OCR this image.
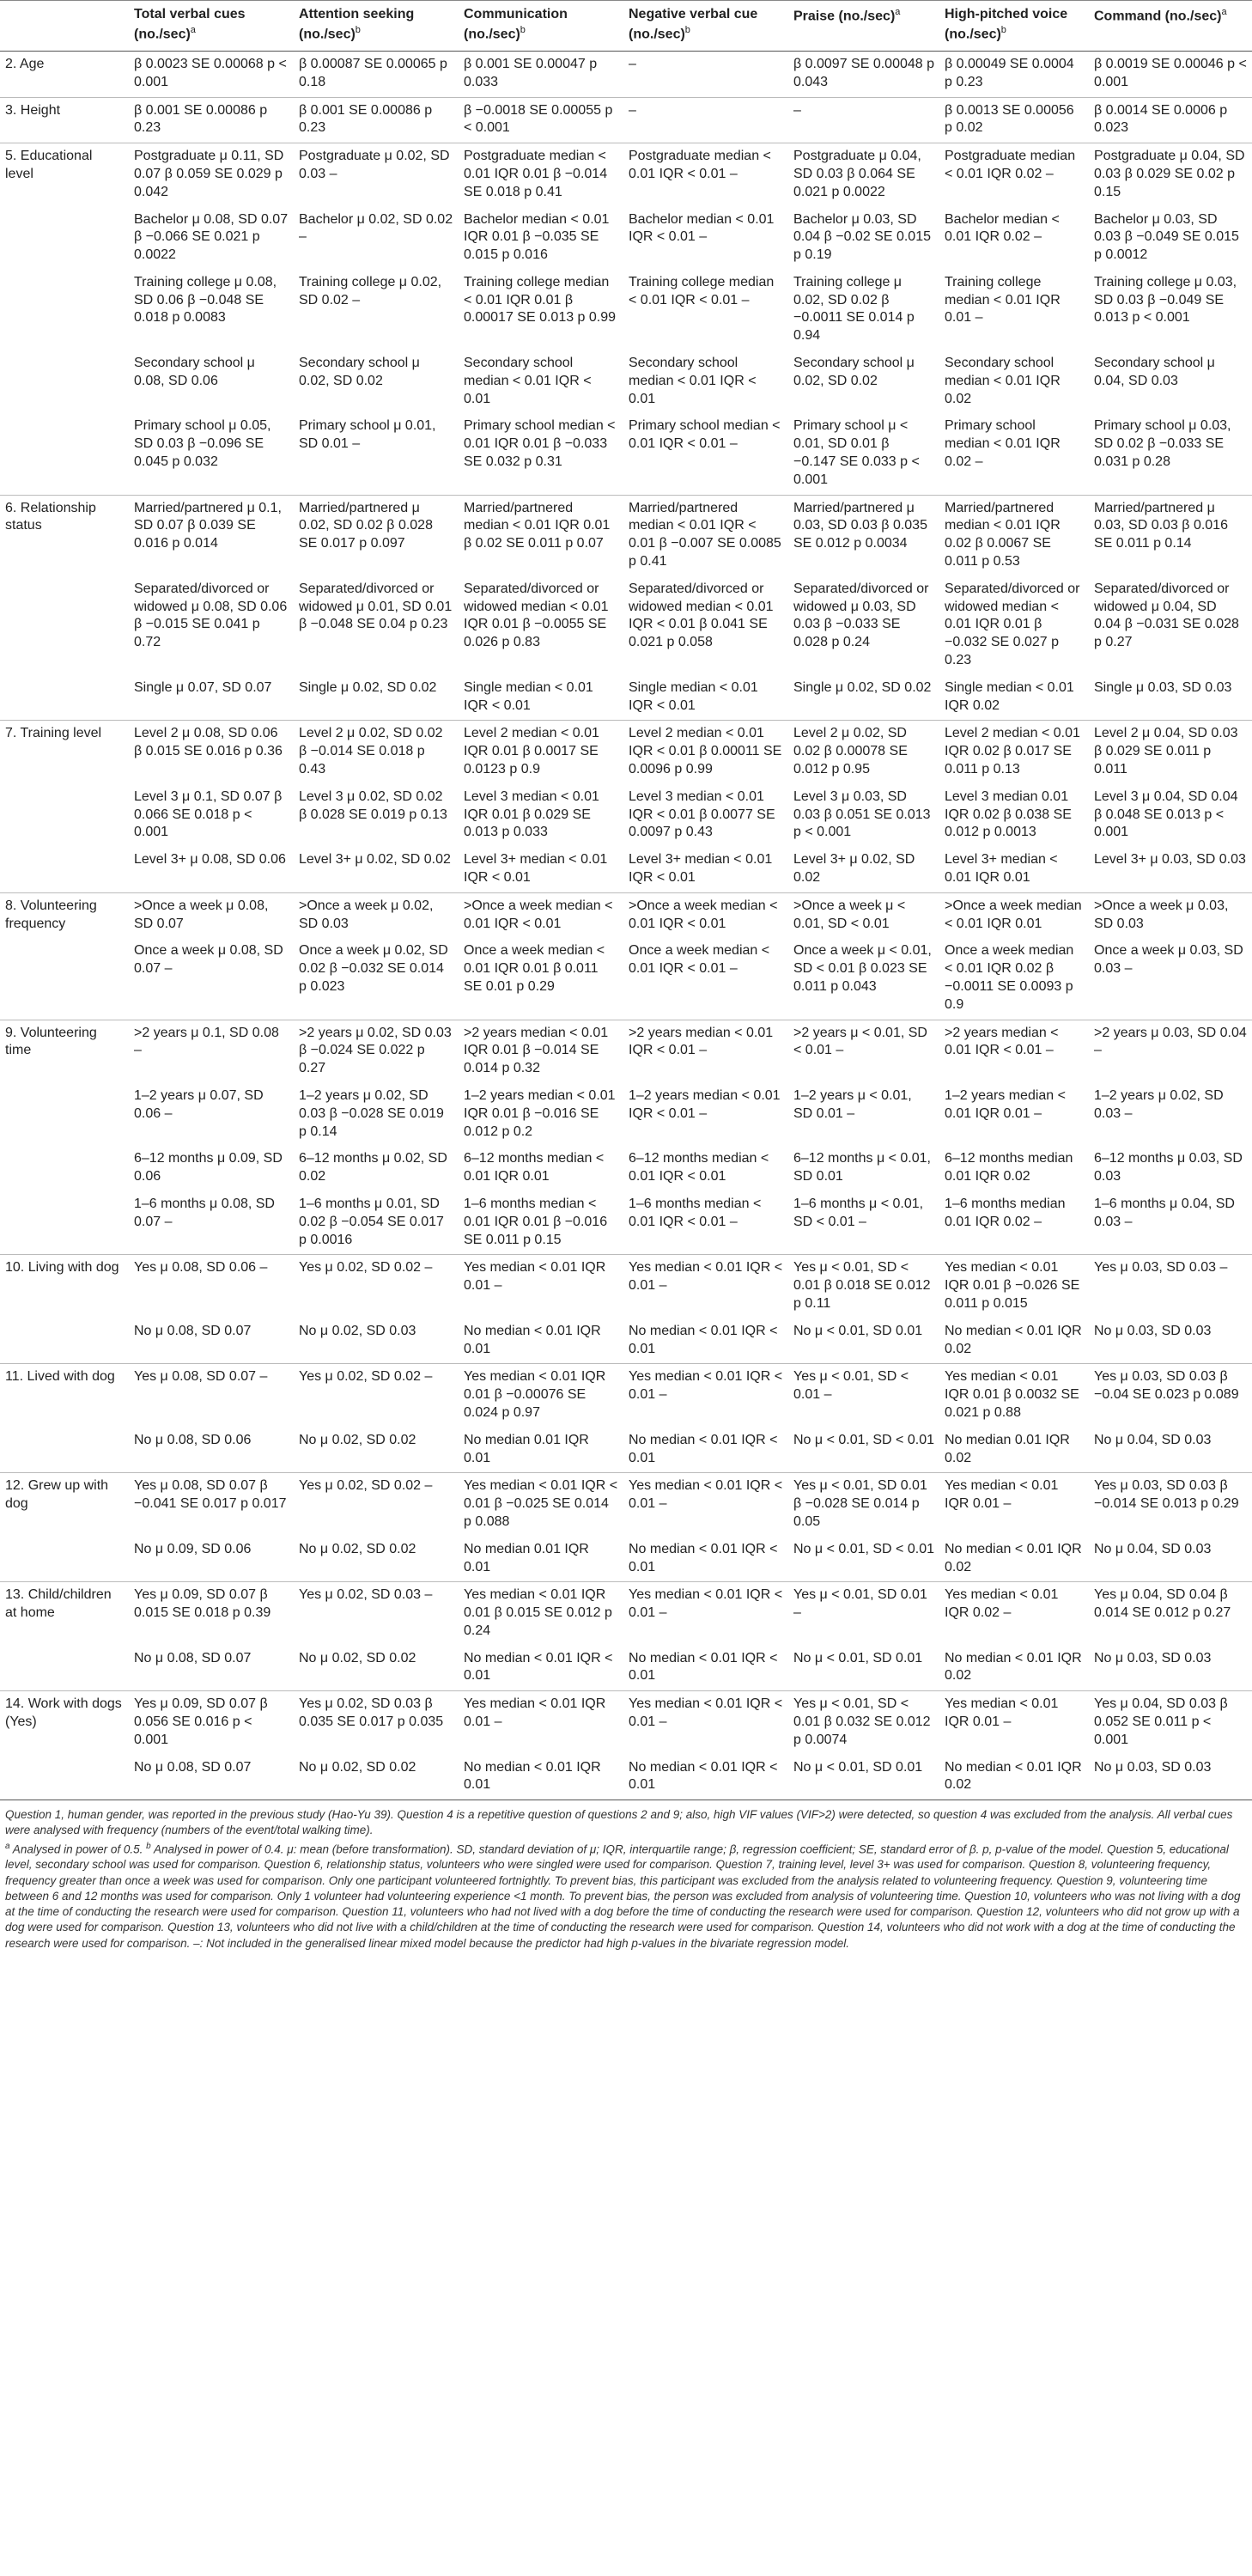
	Total verbal cues $(no./\sec)^a$	Attention seeking $(no./\sec)^b$	Communication $(no./\sec)^b$	Negative verbal cue $(no./\sec)^b$	Praise $(no./\sec)^a$	High-pitched voice $(no./\sec)^b$	Command $(no./\sec)^a$
2. Age	β 0.0023 SE 0.00068 p < 0.001	β 0.00087 SE 0.00065 p 0.18	β 0.001 SE 0.00047 p 0.033	–	β 0.0097 SE 0.00048 p 0.043	β 0.00049 SE 0.0004 p 0.23	β 0.0019 SE 0.00046 p < 0.001
3. Height	β 0.001 SE 0.00086 p 0.23	β 0.001 SE 0.00086 p 0.23	β −0.0018 SE 0.00055 p < 0.001	–	–	β 0.0013 SE 0.00056 p 0.02	β 0.0014 SE 0.0006 p 0.023
5. Educational level	Postgraduate μ 0.11, SD 0.07 β 0.059 SE 0.029 p 0.042	Postgraduate μ 0.02, SD 0.03 –	Postgraduate median < 0.01 IQR 0.01 β −0.014 SE 0.018 p 0.41	Postgraduate median < 0.01 IQR < 0.01 –	Postgraduate μ 0.04, SD 0.03 β 0.064 SE 0.021 p 0.0022	Postgraduate median < 0.01 IQR 0.02 –	Postgraduate μ 0.04, SD 0.03 β 0.029 SE 0.02 p 0.15
	Bachelor μ 0.08, SD 0.07 β −0.066 SE 0.021 p 0.0022	Bachelor μ 0.02, SD 0.02 –	Bachelor median < 0.01 IQR 0.01 β −0.035 SE 0.015 p 0.016	Bachelor median < 0.01 IQR < 0.01 –	Bachelor μ 0.03, SD 0.04 β −0.02 SE 0.015 p 0.19	Bachelor median < 0.01 IQR 0.02 –	Bachelor μ 0.03, SD 0.03 β −0.049 SE 0.015 p 0.0012
	Training college μ 0.08, SD 0.06 β −0.048 SE 0.018 p 0.0083	Training college μ 0.02, SD 0.02 –	Training college median < 0.01 IQR 0.01 β 0.00017 SE 0.013 p 0.99	Training college median < 0.01 IQR < 0.01 –	Training college μ 0.02, SD 0.02 β −0.0011 SE 0.014 p 0.94	Training college median < 0.01 IQR 0.01 –	Training college μ 0.03, SD 0.03 β −0.049 SE 0.013 p < 0.001
	Secondary school μ 0.08, SD 0.06	Secondary school μ 0.02, SD 0.02	Secondary school median < 0.01 IQR < 0.01	Secondary school median < 0.01 IQR < 0.01	Secondary school μ 0.02, SD 0.02	Secondary school median < 0.01 IQR 0.02	Secondary school μ 0.04, SD 0.03
	Primary school μ 0.05, SD 0.03 β −0.096 SE 0.045 p 0.032	Primary school μ 0.01, SD 0.01 –	Primary school median < 0.01 IQR 0.01 β −0.033 SE 0.032 p 0.31	Primary school median < 0.01 IQR < 0.01 –	Primary school μ < 0.01, SD 0.01 β −0.147 SE 0.033 p < 0.001	Primary school median < 0.01 IQR 0.02 –	Primary school μ 0.03, SD 0.02 β −0.033 SE 0.031 p 0.28
6. Relationship status	Married/partnered μ 0.1, SD 0.07 β 0.039 SE 0.016 p 0.014	Married/partnered μ 0.02, SD 0.02 β 0.028 SE 0.017 p 0.097	Married/partnered median < 0.01 IQR 0.01 β 0.02 SE 0.011 p 0.07	Married/partnered median < 0.01 IQR < 0.01 β −0.007 SE 0.0085 p 0.41	Married/partnered μ 0.03, SD 0.03 β 0.035 SE 0.012 p 0.0034	Married/partnered median < 0.01 IQR 0.02 β 0.0067 SE 0.011 p 0.53	Married/partnered μ 0.03, SD 0.03 β 0.016 SE 0.011 p 0.14
	Separated/divorced or widowed μ 0.08, SD 0.06 β −0.015 SE 0.041 p 0.72	Separated/divorced or widowed μ 0.01, SD 0.01 β −0.048 SE 0.04 p 0.23	Separated/divorced or widowed median < 0.01 IQR 0.01 β −0.0055 SE 0.026 p 0.83	Separated/divorced or widowed median < 0.01 IQR < 0.01 β 0.041 SE 0.021 p 0.058	Separated/divorced or widowed μ 0.03, SD 0.03 β −0.033 SE 0.028 p 0.24	Separated/divorced or widowed median < 0.01 IQR 0.01 β −0.032 SE 0.027 p 0.23	Separated/divorced or widowed μ 0.04, SD 0.04 β −0.031 SE 0.028 p 0.27
	Single μ 0.07, SD 0.07	Single μ 0.02, SD 0.02	Single median < 0.01 IQR < 0.01	Single median < 0.01 IQR < 0.01	Single μ 0.02, SD 0.02	Single median < 0.01 IQR 0.02	Single μ 0.03, SD 0.03
7. Training level	Level 2 μ 0.08, SD 0.06 β 0.015 SE 0.016 p 0.36	Level 2 μ 0.02, SD 0.02 β −0.014 SE 0.018 p 0.43	Level 2 median < 0.01 IQR 0.01 β 0.0017 SE 0.0123 p 0.9	Level 2 median < 0.01 IQR < 0.01 β 0.00011 SE 0.0096 p 0.99	Level 2 μ 0.02, SD 0.02 β 0.00078 SE 0.012 p 0.95	Level 2 median < 0.01 IQR 0.02 β 0.017 SE 0.011 p 0.13	Level 2 μ 0.04, SD 0.03 β 0.029 SE 0.011 p 0.011
	Level 3 μ 0.1, SD 0.07 β 0.066 SE 0.018 p < 0.001	Level 3 μ 0.02, SD 0.02 β 0.028 SE 0.019 p 0.13	Level 3 median < 0.01 IQR 0.01 β 0.029 SE 0.013 p 0.033	Level 3 median < 0.01 IQR < 0.01 β 0.0077 SE 0.0097 p 0.43	Level 3 μ 0.03, SD 0.03 β 0.051 SE 0.013 p < 0.001	Level 3 median 0.01 IQR 0.02 β 0.038 SE 0.012 p 0.0013	Level 3 μ 0.04, SD 0.04 β 0.048 SE 0.013 p < 0.001
	Level 3+ μ 0.08, SD 0.06	Level 3+ μ 0.02, SD 0.02	Level 3+ median < 0.01 IQR < 0.01	Level 3+ median < 0.01 IQR < 0.01	Level 3+ μ 0.02, SD 0.02	Level 3+ median < 0.01 IQR 0.01	Level 3+ μ 0.03, SD 0.03
8. Volunteering frequency	>Once a week μ 0.08, SD 0.07	>Once a week μ 0.02, SD 0.03	>Once a week median < 0.01 IQR < 0.01	>Once a week median < 0.01 IQR < 0.01	>Once a week μ < 0.01, SD < 0.01	>Once a week median < 0.01 IQR 0.01	>Once a week μ 0.03, SD 0.03
	Once a week μ 0.08, SD 0.07 –	Once a week μ 0.02, SD 0.02 β −0.032 SE 0.014 p 0.023	Once a week median < 0.01 IQR 0.01 β 0.011 SE 0.01 p 0.29	Once a week median < 0.01 IQR < 0.01 –	Once a week μ < 0.01, SD < 0.01 β 0.023 SE 0.011 p 0.043	Once a week median < 0.01 IQR 0.02 β −0.0011 SE 0.0093 p 0.9	Once a week μ 0.03, SD 0.03 –
9. Volunteering time	>2 years μ 0.1, SD 0.08 –	>2 years μ 0.02, SD 0.03 β −0.024 SE 0.022 p 0.27	>2 years median < 0.01 IQR 0.01 β −0.014 SE 0.014 p 0.32	>2 years median < 0.01 IQR < 0.01 –	>2 years μ < 0.01, SD < 0.01 –	>2 years median < 0.01 IQR < 0.01 –	>2 years μ 0.03, SD 0.04 –
	1–2 years μ 0.07, SD 0.06 –	1–2 years μ 0.02, SD 0.03 β −0.028 SE 0.019 p 0.14	1–2 years median < 0.01 IQR 0.01 β −0.016 SE 0.012 p 0.2	1–2 years median < 0.01 IQR < 0.01 –	1–2 years μ < 0.01, SD 0.01 –	1–2 years median < 0.01 IQR 0.01 –	1–2 years μ 0.02, SD 0.03 –
	6–12 months μ 0.09, SD 0.06	6–12 months μ 0.02, SD 0.02	6–12 months median < 0.01 IQR 0.01	6–12 months median < 0.01 IQR < 0.01	6–12 months μ < 0.01, SD 0.01	6–12 months median 0.01 IQR 0.02	6–12 months μ 0.03, SD 0.03
	1–6 months μ 0.08, SD 0.07 –	1–6 months μ 0.01, SD 0.02 β −0.054 SE 0.017 p 0.0016	1–6 months median < 0.01 IQR 0.01 β −0.016 SE 0.011 p 0.15	1–6 months median < 0.01 IQR < 0.01 –	1–6 months μ < 0.01, SD < 0.01 –	1–6 months median 0.01 IQR 0.02 –	1–6 months μ 0.04, SD 0.03 –
10. Living with dog	Yes μ 0.08, SD 0.06 –	Yes μ 0.02, SD 0.02 –	Yes median < 0.01 IQR 0.01 –	Yes median < 0.01 IQR < 0.01 –	Yes μ < 0.01, SD < 0.01 β 0.018 SE 0.012 p 0.11	Yes median < 0.01 IQR 0.01 β −0.026 SE 0.011 p 0.015	Yes μ 0.03, SD 0.03 –
	No μ 0.08, SD 0.07	No μ 0.02, SD 0.03	No median < 0.01 IQR 0.01	No median < 0.01 IQR < 0.01	No μ < 0.01, SD 0.01	No median < 0.01 IQR 0.02	No μ 0.03, SD 0.03
11. Lived with dog	Yes μ 0.08, SD 0.07 –	Yes μ 0.02, SD 0.02 –	Yes median < 0.01 IQR 0.01 β −0.00076 SE 0.024 p 0.97	Yes median < 0.01 IQR < 0.01 –	Yes μ < 0.01, SD < 0.01 –	Yes median < 0.01 IQR 0.01 β 0.0032 SE 0.021 p 0.88	Yes μ 0.03, SD 0.03 β −0.04 SE 0.023 p 0.089
	No μ 0.08, SD 0.06	No μ 0.02, SD 0.02	No median 0.01 IQR 0.01	No median < 0.01 IQR < 0.01	No μ < 0.01, SD < 0.01	No median 0.01 IQR 0.02	No μ 0.04, SD 0.03
12. Grew up with dog	Yes μ 0.08, SD 0.07 β −0.041 SE 0.017 p 0.017	Yes μ 0.02, SD 0.02 –	Yes median < 0.01 IQR < 0.01 β −0.025 SE 0.014 p 0.088	Yes median < 0.01 IQR < 0.01 –	Yes μ < 0.01, SD 0.01 β −0.028 SE 0.014 p 0.05	Yes median < 0.01 IQR 0.01 –	Yes μ 0.03, SD 0.03 β −0.014 SE 0.013 p 0.29
	No μ 0.09, SD 0.06	No μ 0.02, SD 0.02	No median 0.01 IQR 0.01	No median < 0.01 IQR < 0.01	No μ < 0.01, SD < 0.01	No median < 0.01 IQR 0.02	No μ 0.04, SD 0.03
13. Child/children at home	Yes μ 0.09, SD 0.07 β 0.015 SE 0.018 p 0.39	Yes μ 0.02, SD 0.03 –	Yes median < 0.01 IQR 0.01 β 0.015 SE 0.012 p 0.24	Yes median < 0.01 IQR < 0.01 –	Yes μ < 0.01, SD 0.01 –	Yes median < 0.01 IQR 0.02 –	Yes μ 0.04, SD 0.04 β 0.014 SE 0.012 p 0.27
	No μ 0.08, SD 0.07	No μ 0.02, SD 0.02	No median < 0.01 IQR < 0.01	No median < 0.01 IQR < 0.01	No μ < 0.01, SD 0.01	No median < 0.01 IQR 0.02	No μ 0.03, SD 0.03
14. Work with dogs (Yes)	Yes μ 0.09, SD 0.07 β 0.056 SE 0.016 p < 0.001	Yes μ 0.02, SD 0.03 β 0.035 SE 0.017 p 0.035	Yes median < 0.01 IQR 0.01 –	Yes median < 0.01 IQR < 0.01 –	Yes μ < 0.01, SD < 0.01 β 0.032 SE 0.012 p 0.0074	Yes median < 0.01 IQR 0.01 –	Yes μ 0.04, SD 0.03 β 0.052 SE 0.011 p < 0.001
	No μ 0.08, SD 0.07	No μ 0.02, SD 0.02	No median < 0.01 IQR 0.01	No median < 0.01 IQR < 0.01	No μ < 0.01, SD 0.01	No median < 0.01 IQR 0.02	No μ 0.03, SD 0.03

Question 1, human gender, was reported in the previous study (Hao-Yu 39). Question 4 is a repetitive question of questions 2 and 9; also, high VIF values (VIF>2) were detected, so question 4 was excluded from the analysis. All verbal cues were analysed with frequency (numbers of the event/total walking time).

$^a$ Analysed in power of 0.5. $^b$ Analysed in power of 0.4. μ: mean (before transformation). SD, standard deviation of μ; IQR, interquartile range; β, regression coefficient; SE, standard error of β. p, p-value of the model. Question 5, educational level, secondary school was used for comparison. Question 6, relationship status, volunteers who were singled were used for comparison. Question 7, training level, level 3+ was used for comparison. Question 8, volunteering frequency, frequency greater than once a week was used for comparison. Only one participant volunteered fortnightly. To prevent bias, this participant was excluded from the analysis related to volunteering frequency. Question 9, volunteering time between 6 and 12 months was used for comparison. Only 1 volunteer had volunteering experience <1 month. To prevent bias, the person was excluded from analysis of volunteering time. Question 10, volunteers who was not living with a dog at the time of conducting the research were used for comparison. Question 11, volunteers who had not lived with a dog before the time of conducting the research were used for comparison. Question 12, volunteers who did not grow up with a dog were used for comparison. Question 13, volunteers who did not live with a child/children at the time of conducting the research were used for comparison. Question 14, volunteers who did not work with a dog at the time of conducting the research were used for comparison. –: Not included in the generalised linear mixed model because the predictor had high p-values in the bivariate regression model.
